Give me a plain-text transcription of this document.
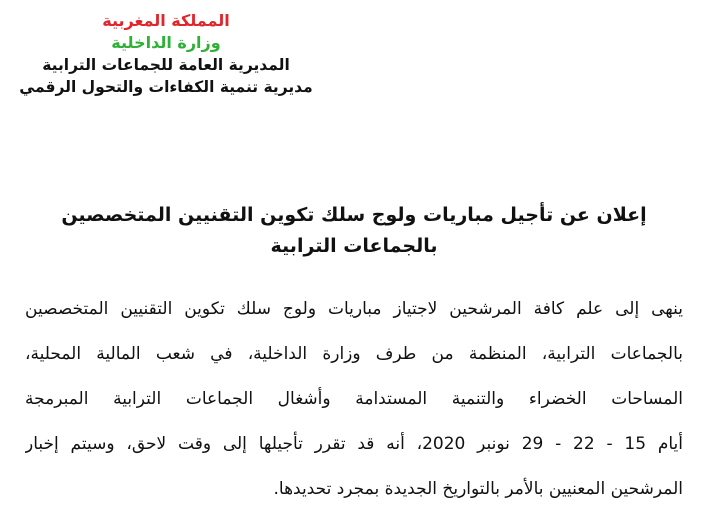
المملكة المغربية
وزارة الداخلية
المديرية العامة للجماعات الترابية
مديرية تنمية الكفاءات والتحول الرقمي
إعلان عن تأجيل مباريات ولوج سلك تكوين التقنيين المتخصصين
بالجماعات الترابية
ينهى إلى علم كافة المرشحين لاجتياز مباريات ولوج سلك تكوين التقنيين المتخصصين
بالجماعات الترابية، المنظمة من طرف وزارة الداخلية، في شعب المالية المحلية،
المساحات الخضراء والتنمية المستدامة وأشغال الجماعات الترابية المبرمجة
أيام 15 - 22 - 29 نونبر 2020، أنه قد تقرر تأجيلها إلى وقت لاحق، وسيتم إخبار
المرشحين المعنيين بالأمر بالتواريخ الجديدة بمجرد تحديدها.
